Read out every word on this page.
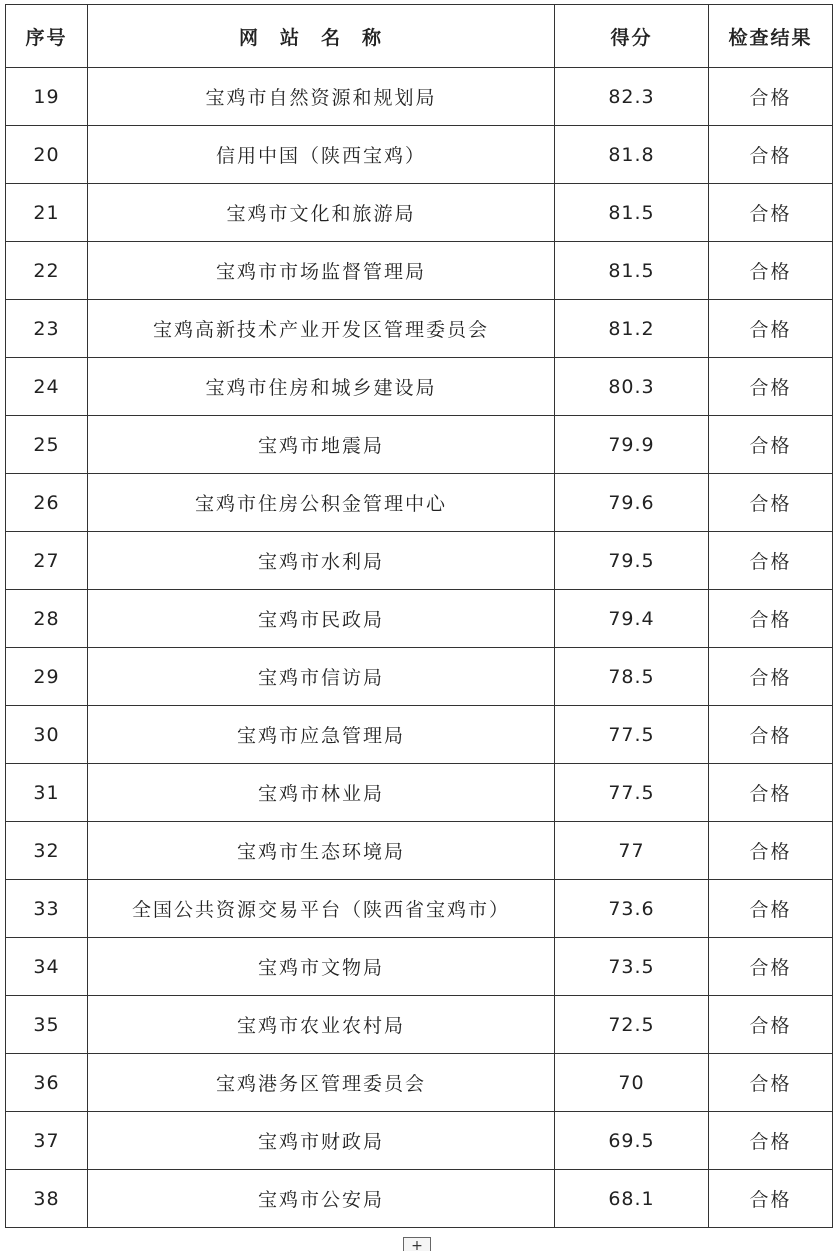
序号	网站名称	得分	检查结果
19	宝鸡市自然资源和规划局	82.3	合格
20	信用中国（陕西宝鸡）	81.8	合格
21	宝鸡市文化和旅游局	81.5	合格
22	宝鸡市市场监督管理局	81.5	合格
23	宝鸡高新技术产业开发区管理委员会	81.2	合格
24	宝鸡市住房和城乡建设局	80.3	合格
25	宝鸡市地震局	79.9	合格
26	宝鸡市住房公积金管理中心	79.6	合格
27	宝鸡市水利局	79.5	合格
28	宝鸡市民政局	79.4	合格
29	宝鸡市信访局	78.5	合格
30	宝鸡市应急管理局	77.5	合格
31	宝鸡市林业局	77.5	合格
32	宝鸡市生态环境局	77	合格
33	全国公共资源交易平台（陕西省宝鸡市）	73.6	合格
34	宝鸡市文物局	73.5	合格
35	宝鸡市农业农村局	72.5	合格
36	宝鸡港务区管理委员会	70	合格
37	宝鸡市财政局	69.5	合格
38	宝鸡市公安局	68.1	合格
+
